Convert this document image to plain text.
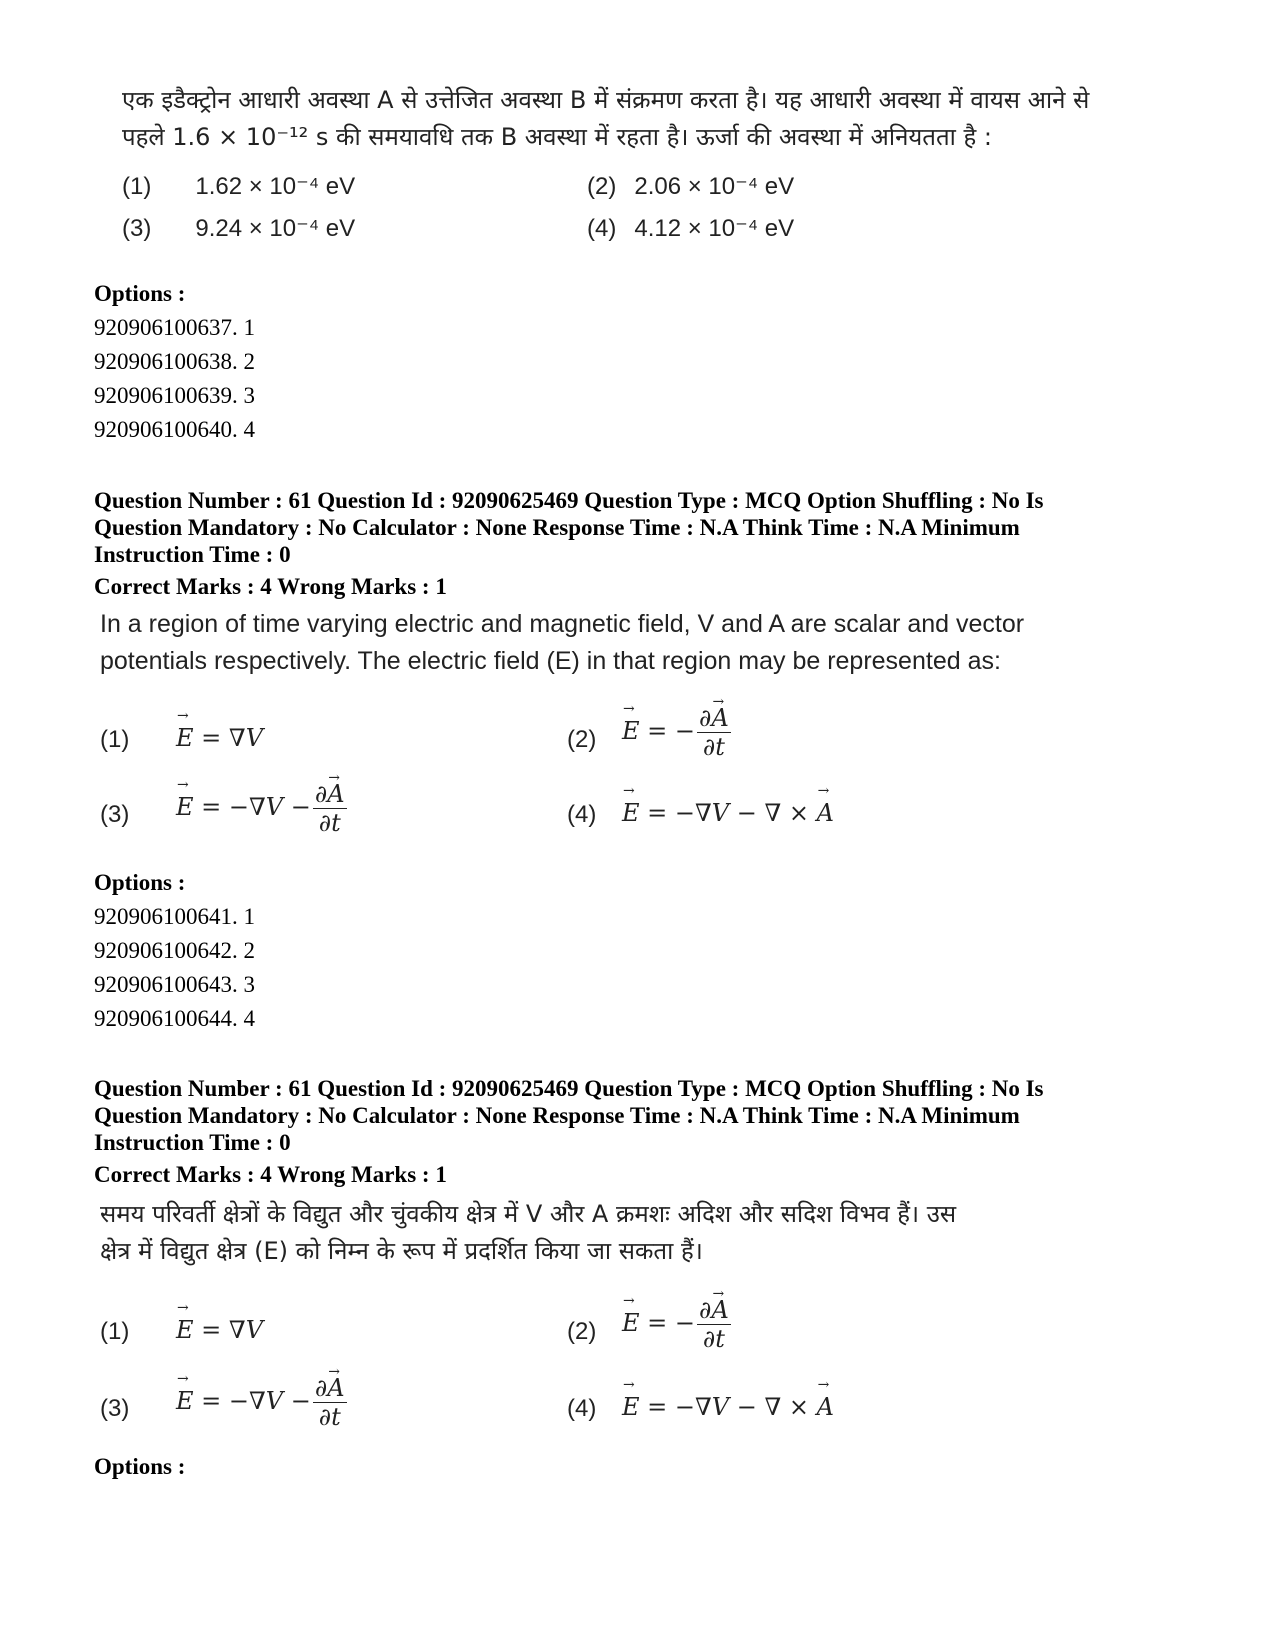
एक इडैक्ट्रोन आधारी अवस्था A से उत्तेजित अवस्था B में संक्रमण करता है। यह आधारी अवस्था में वायस आने से पहले 1.6 × 10⁻¹² s की समयावधि तक B अवस्था में रहता है। ऊर्जा की अवस्था में अनियतता है :
(1) 1.62 × 10⁻⁴ eV	(2) 2.06 × 10⁻⁴ eV
(3) 9.24 × 10⁻⁴ eV	(4) 4.12 × 10⁻⁴ eV
Options :
920906100637. 1
920906100638. 2
920906100639. 3
920906100640. 4
Question Number : 61 Question Id : 92090625469 Question Type : MCQ Option Shuffling : No Is Question Mandatory : No Calculator : None Response Time : N.A Think Time : N.A Minimum Instruction Time : 0
Correct Marks : 4 Wrong Marks : 1
In a region of time varying electric and magnetic field, V and A are scalar and vector
potentials respectively. The electric field (E) in that region may be represented as:
(1)
→ E = ∇V	(2)
→ E = − $\frac{\partial\to A}{\partial t}$
(3)
→ $E = -\nabla V - \frac{\partial\to A}{\partial t}$	(4)
→ E = −∇V − ∇ × → A
Options :
920906100641. 1
920906100642. 2
920906100643. 3
920906100644. 4
Question Number : 61 Question Id : 92090625469 Question Type : MCQ Option Shuffling : No Is Question Mandatory : No Calculator : None Response Time : N.A Think Time : N.A Minimum Instruction Time : 0
Correct Marks : 4 Wrong Marks : 1
समय परिवर्ती क्षेत्रों के विद्युत और चुंवकीय क्षेत्र में V और A क्रमशः अदिश और सदिश विभव हैं। उस
क्षेत्र में विद्युत क्षेत्र (E) को निम्न के रूप में प्रदर्शित किया जा सकता हैं।
(1)
→ E = ∇V	(2)
→ E = − $\frac{\partial\to A}{\partial t}$
(3)
→ $E = -\nabla V - \frac{\partial\to A}{\partial t}$	(4)
→ E = −∇V − ∇ × → A
Options :
